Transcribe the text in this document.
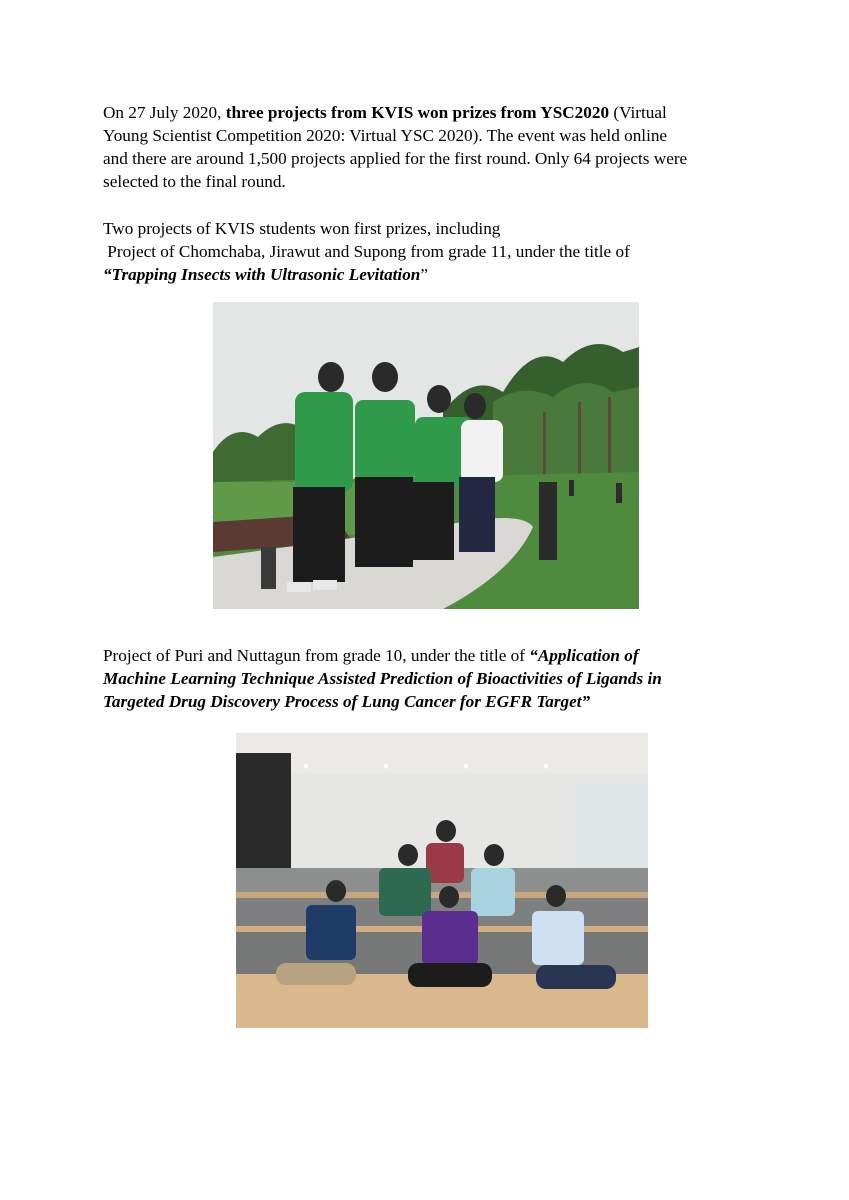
On 27 July 2020, three projects from KVIS won prizes from YSC2020 (Virtual
Young Scientist Competition 2020: Virtual YSC 2020). The event was held online
and there are around 1,500 projects applied for the first round. Only 64 projects were
selected to the final round.

Two projects of KVIS students won first prizes, including
Project of Chomchaba, Jirawut and Supong from grade 11, under the title of
“Trapping Insects with Ultrasonic Levitation”

Project of Puri and Nuttagun from grade 10, under the title of “Application of
Machine Learning Technique Assisted Prediction of Bioactivities of Ligands in
Targeted Drug Discovery Process of Lung Cancer for EGFR Target”
